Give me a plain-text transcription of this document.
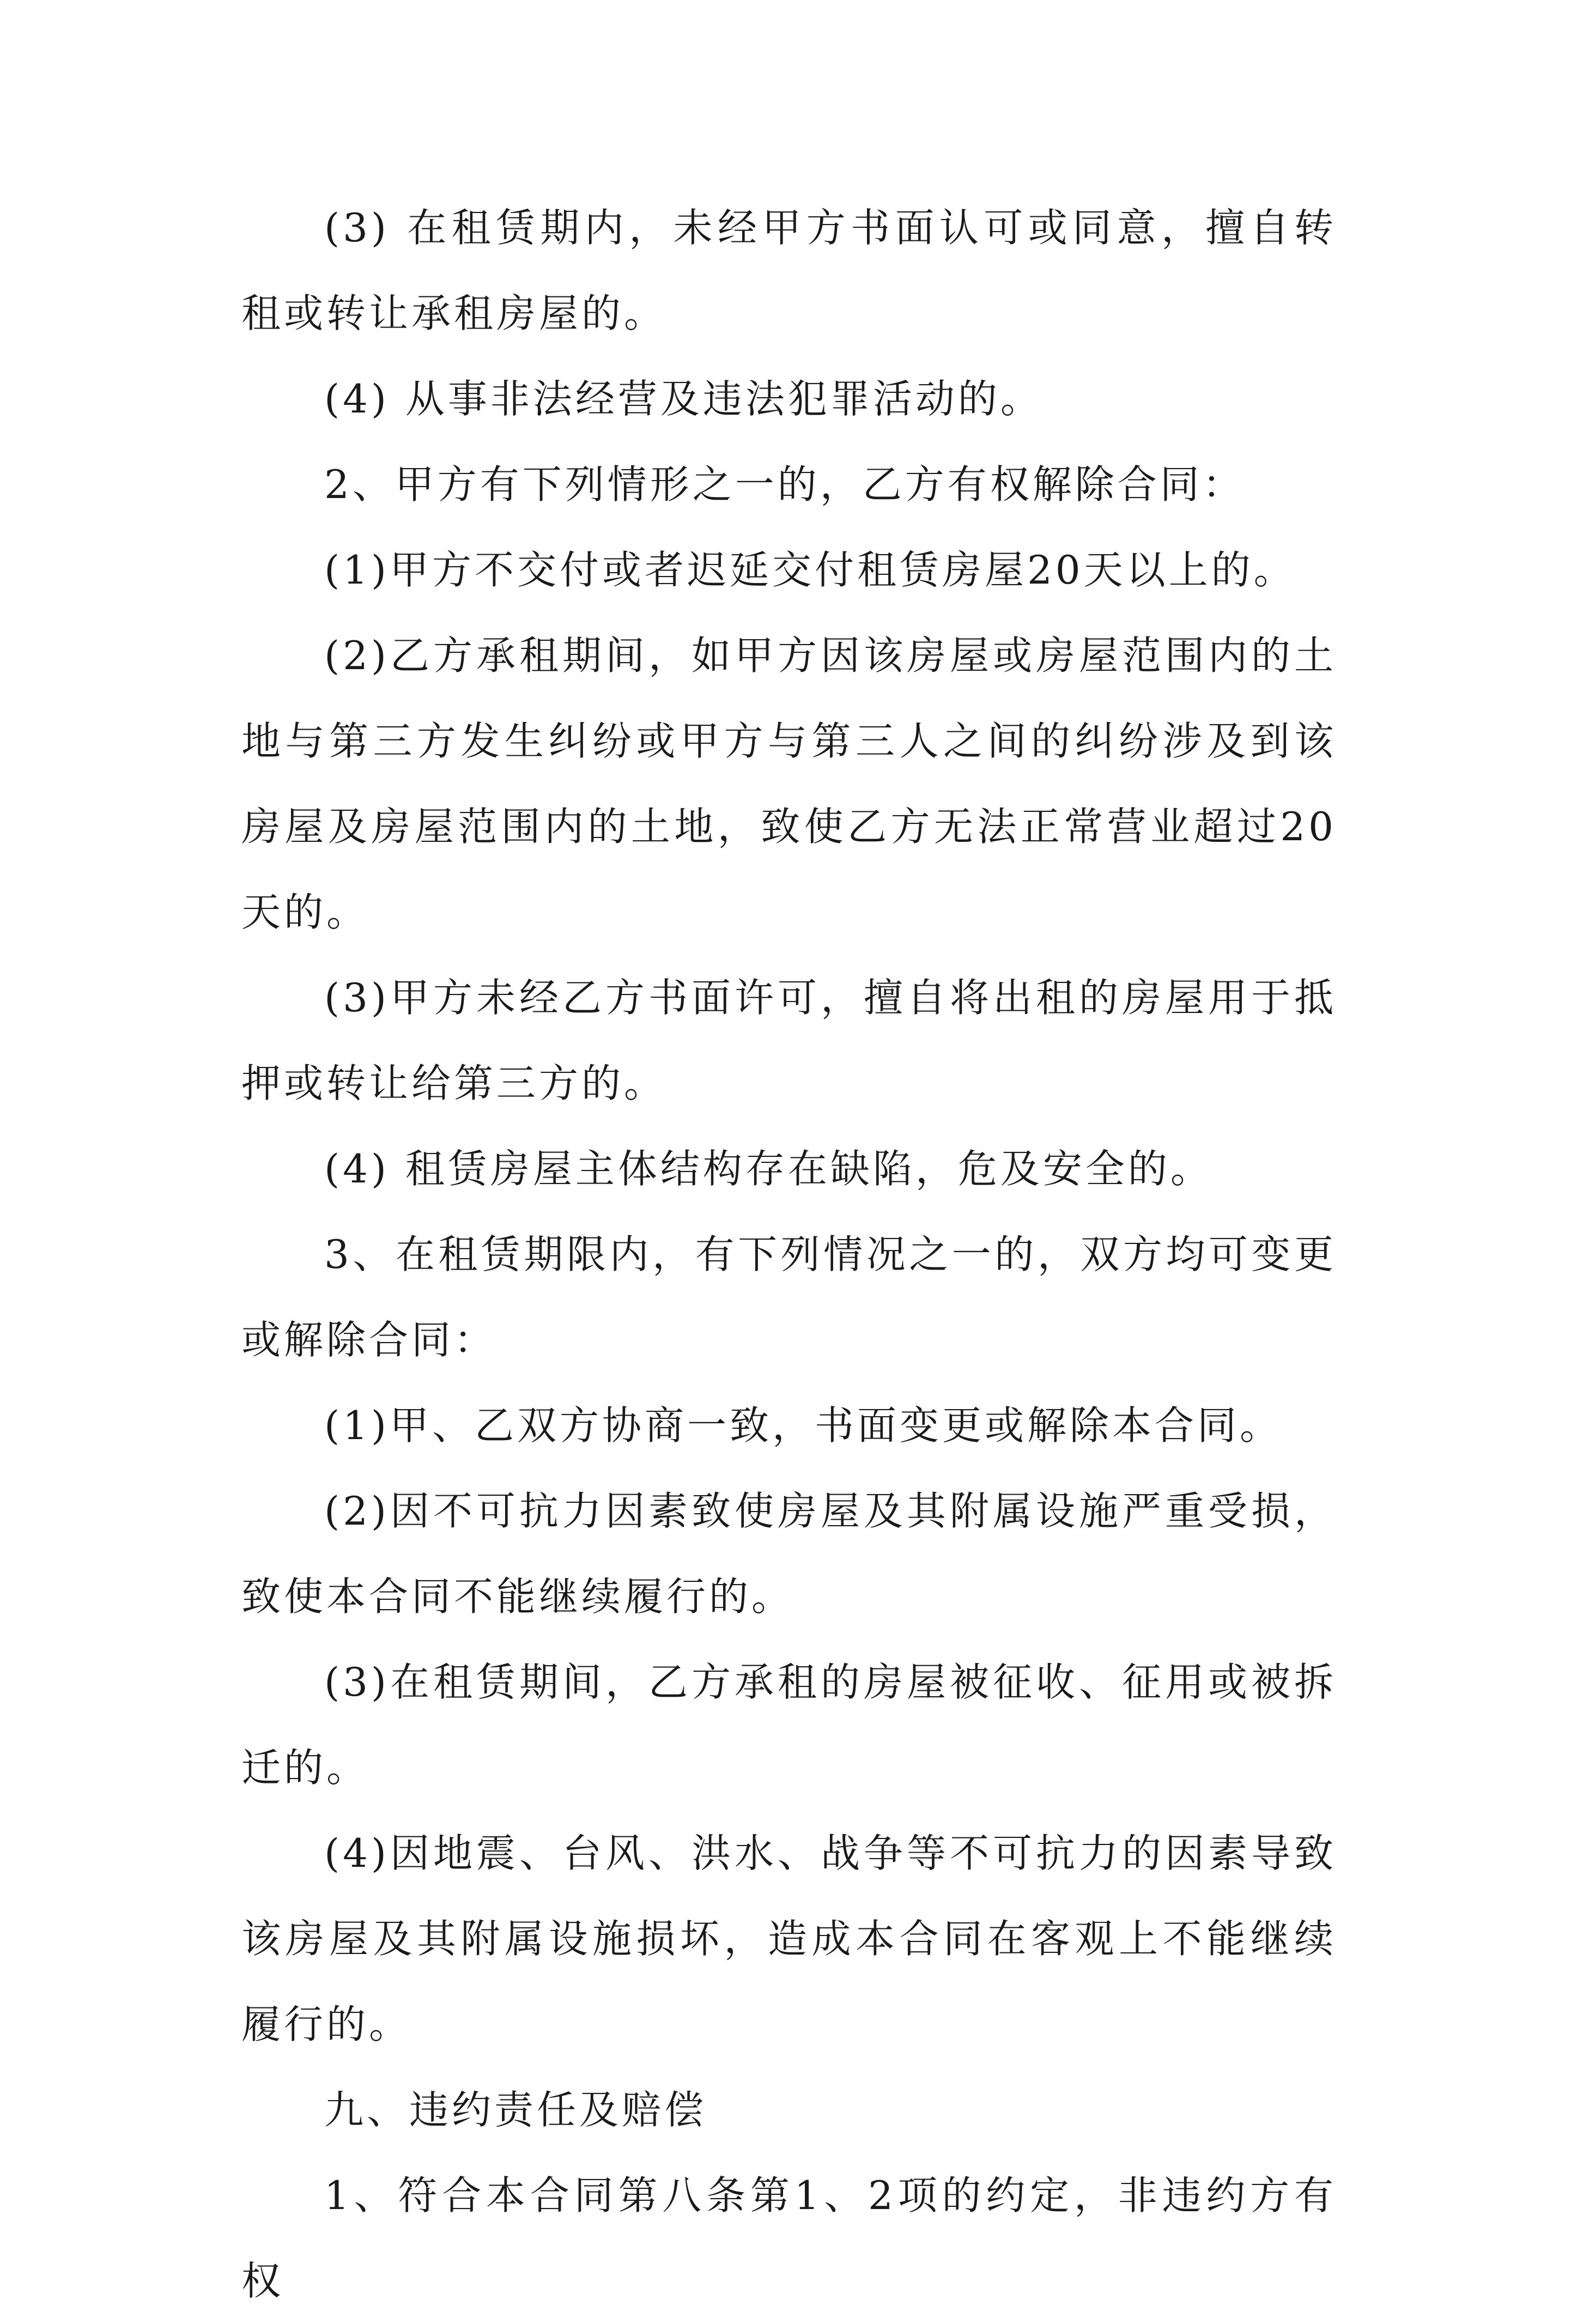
(3) 在租赁期内，未经甲方书面认可或同意，擅自转租或转让承租房屋的。

(4) 从事非法经营及违法犯罪活动的。

2、甲方有下列情形之一的，乙方有权解除合同：

(1)甲方不交付或者迟延交付租赁房屋20天以上的。

(2)乙方承租期间，如甲方因该房屋或房屋范围内的土地与第三方发生纠纷或甲方与第三人之间的纠纷涉及到该房屋及房屋范围内的土地，致使乙方无法正常营业超过20天的。

(3)甲方未经乙方书面许可，擅自将出租的房屋用于抵押或转让给第三方的。

(4) 租赁房屋主体结构存在缺陷，危及安全的。

3、在租赁期限内，有下列情况之一的，双方均可变更或解除合同：

(1)甲、乙双方协商一致，书面变更或解除本合同。

(2)因不可抗力因素致使房屋及其附属设施严重受损，致使本合同不能继续履行的。

(3)在租赁期间，乙方承租的房屋被征收、征用或被拆迁的。

(4)因地震、台风、洪水、战争等不可抗力的因素导致该房屋及其附属设施损坏，造成本合同在客观上不能继续履行的。

九、违约责任及赔偿

1、符合本合同第八条第1、2项的约定，非违约方有权
